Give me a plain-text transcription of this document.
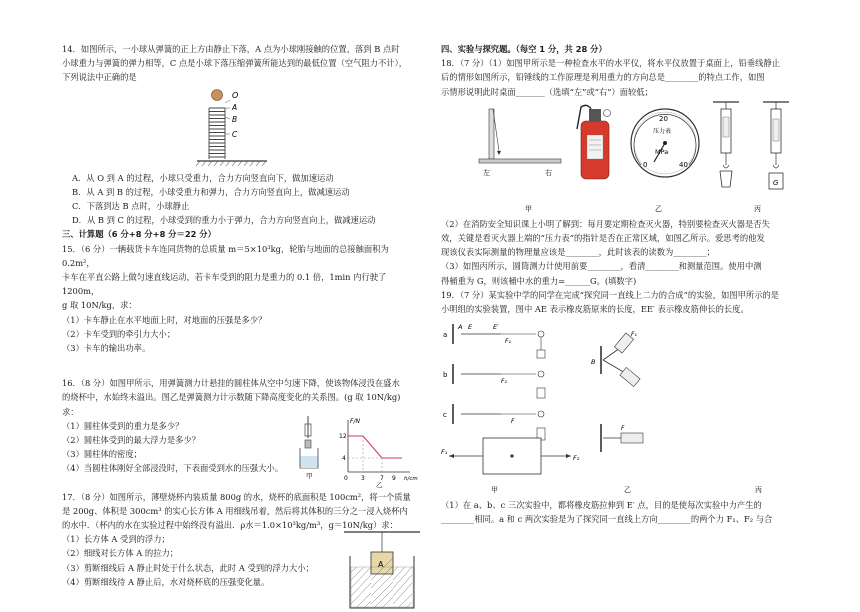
14．如图所示，一小球从弹簧的正上方由静止下落，A 点为小球刚接触的位置，落到 B 点时

小球重力与弹簧的弹力相等，C 点是小球下落压缩弹簧所能达到的最低位置（空气阻力不计），

下列说法中正确的是

O
A
B
C

A．从 O 到 A 的过程，小球只受重力，合力方向竖直向下，做加速运动

B．从 A 到 B 的过程，小球受重力和弹力，合力方向竖直向上，做减速运动

C．下落到达 B 点时，小球静止

D．从 B 到 C 的过程，小球受到的重力小于弹力，合力方向竖直向上，做减速运动

三、计算题（6 分+8 分+8 分＝22 分）

15．（6 分）一辆载货卡车连同货物的总质量 m＝5×10³kg，轮胎与地面的总接触面积为 0.2m²，

卡车在平直公路上做匀速直线运动，若卡车受到的阻力是重力的 0.1 倍，1min 内行驶了 1200m，

g 取 10N/kg，求：

（1）卡车静止在水平地面上时，对地面的压强是多少？

（2）卡车受到的牵引力大小；

（3）卡车的输出功率。

16．（8 分）如图甲所示，用弹簧测力计悬挂的圆柱体从空中匀速下降，使该物体浸没在盛水

的烧杯中，水始终未溢出。图乙是弹簧测力计示数随下降高度变化的关系图。(g 取 10N/kg)

求：

（1）圆柱体受到的重力是多少？

（2）圆柱体受到的最大浮力是多少？

（3）圆柱体的密度；

（4）当圆柱体刚好全部浸没时，下表面受到水的压强大小。

甲
F/N
h/cm
12
4
0 3	7 9
乙

17．（8 分）如图所示，薄壁烧杯内装质量 800g 的水，烧杯的底面积是 100cm²，将一个质量

是 200g、体积是 300cm³ 的实心长方体 A 用细线吊着，然后将其体积的三分之一浸入烧杯内

的水中．（杯内的水在实验过程中始终没有溢出．ρ水＝1.0×10³kg/m³，g＝10N/kg）求：

（1）长方体 A 受到的浮力；

（2）细线对长方体 A 的拉力；

（3）剪断细线后 A 静止时处于什么状态，此时 A 受到的浮力大小；

（4）剪断细线待 A 静止后，水对烧杯底的压强变化量。

A

四、实验与探究题。（每空 1 分，共 28 分）

18．（7 分）（1）如图甲所示是一种检查水平的水平仪，将水平仪放置于桌面上，铅垂线静止

后的情形如图所示，铅锤线的工作原理是利用重力的方向总是________的特点工作，如图

示情形说明此时桌面_______（选填“左”或“右”）面较低；

左	右
20
0	40
压力表
MPa
G
甲	乙	丙

（2）在消防安全知识课上小明了解到：每月要定期检查灭火器，特别要检查灭火器是否失

效，关键是看灭火器上端的“压力表”的指针是否在正常区域，如图乙所示。爱思考的他发

现该仪表实际测量的物理量应该是________，此时该表的读数为________；

（3）如图丙所示，圆筒测力计使用前要________，看清________和测量范围。使用中测

得桶重为 G，则该桶中水的重力=______G。(填数字)

19．（7 分）某实验中学的同学在完成“探究同一直线上二力的合成”的实验，如图甲所示的是

小明组的实验装置，图中 AE 表示橡皮筋原来的长度，EE′ 表示橡皮筋伸长的长度。

a
A E	E′
F₁
b
F₂
c
F
F₁
F₂
甲
B
F₁
F
乙	丙

（1）在 a、b、c 三次实验中，都将橡皮筋拉伸到 E′ 点，目的是使每次实验中力产生的

________相同。a 和 c 两次实验是为了探究同一直线上方向________的两个力 F₁、F₂ 与合
